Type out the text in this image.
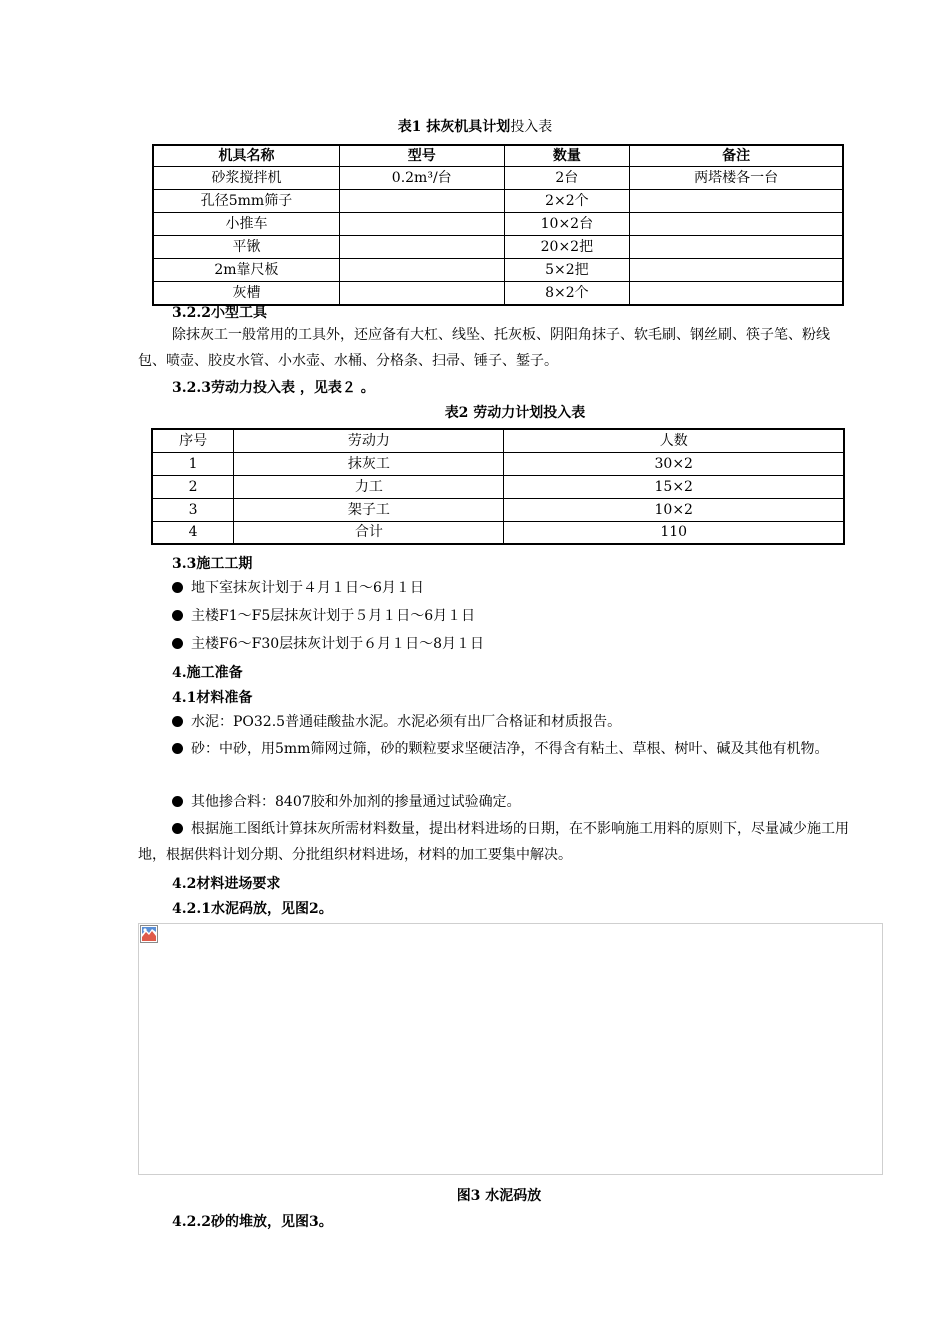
表1 抹灰机具计划投入表
机具名称	型号	数量	备注
砂浆搅拌机	0.2m³/台	2台	两塔楼各一台
孔径5mm筛子		2×2个	
小推车		10×2台	
平锹		20×2把	
2m靠尺板		5×2把	
灰槽		8×2个	
3.2.2小型工具
除抹灰工一般常用的工具外，还应备有大杠、线坠、托灰板、阴阳角抹子、软毛刷、钢丝刷、筷子笔、粉线包、喷壶、胶皮水管、小水壶、水桶、分格条、扫帚、锤子、錾子。
3.2.3劳动力投入表 ，见表２ 。
表2 劳动力计划投入表
序号	劳动力	人数
1	抹灰工	30×2
2	力工	15×2
3	架子工	10×2
4	合计	110
3.3施工工期
地下室抹灰计划于４月１日～6月１日
主楼F1～F5层抹灰计划于５月１日～6月１日
主楼F6～F30层抹灰计划于６月１日～8月１日
4.施工准备
4.1材料准备
水泥：PO32.5普通硅酸盐水泥。水泥必须有出厂合格证和材质报告。
砂：中砂，用5mm筛网过筛，砂的颗粒要求坚硬洁净，不得含有粘土、草根、树叶、碱及其他有机物。
其他掺合料：8407胶和外加剂的掺量通过试验确定。
根据施工图纸计算抹灰所需材料数量，提出材料进场的日期，在不影响施工用料的原则下，尽量减少施工用地，根据供料计划分期、分批组织材料进场，材料的加工要集中解决。
4.2材料进场要求
4.2.1水泥码放，见图2。
图3 水泥码放
4.2.2砂的堆放，见图3。
